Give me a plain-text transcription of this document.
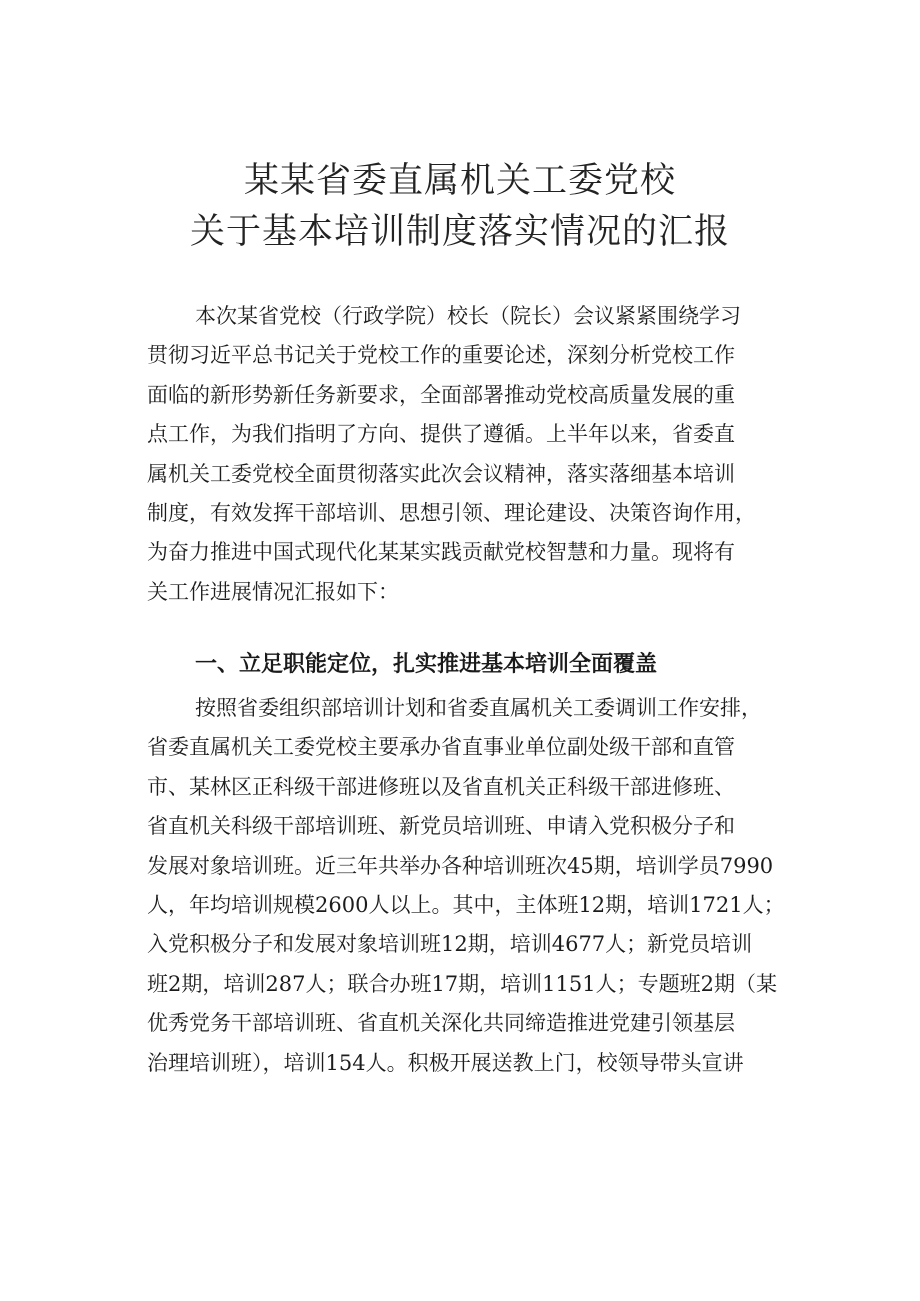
某某省委直属机关工委党校
关于基本培训制度落实情况的汇报
本次某省党校（行政学院）校长（院长）会议紧紧围绕学习
贯彻习近平总书记关于党校工作的重要论述，深刻分析党校工作
面临的新形势新任务新要求，全面部署推动党校高质量发展的重
点工作，为我们指明了方向、提供了遵循。上半年以来，省委直
属机关工委党校全面贯彻落实此次会议精神，落实落细基本培训
制度，有效发挥干部培训、思想引领、理论建设、决策咨询作用，
为奋力推进中国式现代化某某实践贡献党校智慧和力量。现将有
关工作进展情况汇报如下：
一、立足职能定位，扎实推进基本培训全面覆盖
按照省委组织部培训计划和省委直属机关工委调训工作安排，
省委直属机关工委党校主要承办省直事业单位副处级干部和直管
市、某林区正科级干部进修班以及省直机关正科级干部进修班、
省直机关科级干部培训班、新党员培训班、申请入党积极分子和
发展对象培训班。近三年共举办各种培训班次45期，培训学员7990
人，年均培训规模2600人以上。其中，主体班12期，培训1721人；
入党积极分子和发展对象培训班12期，培训4677人；新党员培训
班2期，培训287人；联合办班17期，培训1151人；专题班2期（某
优秀党务干部培训班、省直机关深化共同缔造推进党建引领基层
治理培训班），培训154人。积极开展送教上门，校领导带头宣讲
